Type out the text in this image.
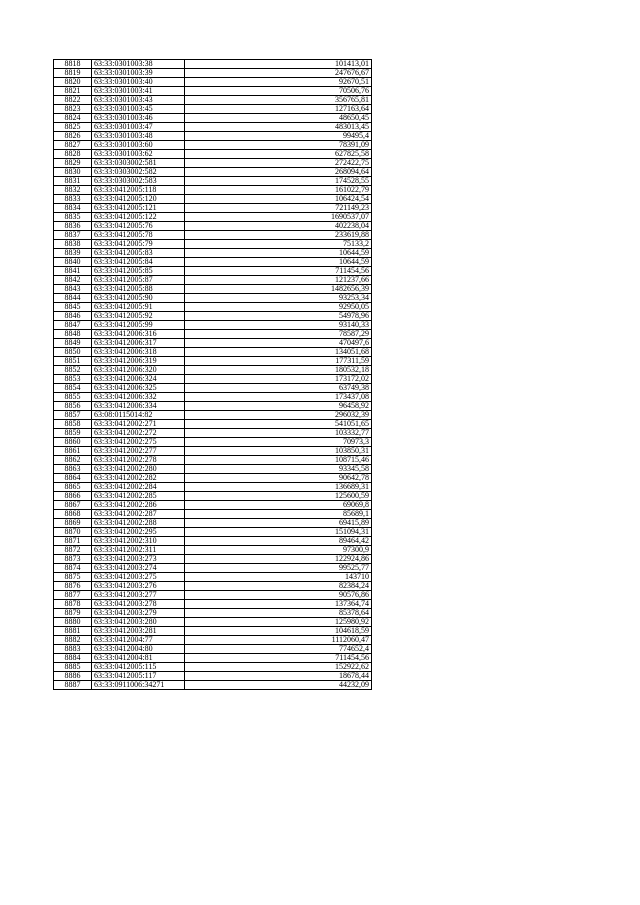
8818	63:33:0301003:38	101413,01
8819	63:33:0301003:39	247676,67
8820	63:33:0301003:40	92670,51
8821	63:33:0301003:41	70506,76
8822	63:33:0301003:43	356765,81
8823	63:33:0301003:45	127163,64
8824	63:33:0301003:46	48650,45
8825	63:33:0301003:47	483013,45
8826	63:33:0301003:48	99495,4
8827	63:33:0301003:60	78391,09
8828	63:33:0301003:62	627825,58
8829	63:33:0303002:581	272422,75
8830	63:33:0303002:582	268094,64
8831	63:33:0303002:583	174528,55
8832	63:33:0412005:118	161022,79
8833	63:33:0412005:120	106424,54
8834	63:33:0412005:121	721149,23
8835	63:33:0412005:122	1690537,07
8836	63:33:0412005:76	402238,04
8837	63:33:0412005:78	233619,88
8838	63:33:0412005:79	75133,2
8839	63:33:0412005:83	10644,59
8840	63:33:0412005:84	10644,59
8841	63:33:0412005:85	711454,56
8842	63:33:0412005:87	121237,66
8843	63:33:0412005:88	1482656,39
8844	63:33:0412005:90	93253,34
8845	63:33:0412005:91	92950,05
8846	63:33:0412005:92	54978,96
8847	63:33:0412005:99	93140,33
8848	63:33:0412006:316	78587,29
8849	63:33:0412006:317	470497,6
8850	63:33:0412006:318	134051,68
8851	63:33:0412006:319	177311,59
8852	63:33:0412006:320	180532,18
8853	63:33:0412006:324	173172,02
8854	63:33:0412006:325	63749,38
8855	63:33:0412006:332	173437,08
8856	63:33:0412006:334	96458,92
8857	63:08:0115014:82	296032,39
8858	63:33:0412002:271	541051,65
8859	63:33:0412002:272	103332,77
8860	63:33:0412002:275	70973,3
8861	63:33:0412002:277	103850,31
8862	63:33:0412002:278	108715,46
8863	63:33:0412002:280	93345,58
8864	63:33:0412002:282	90642,78
8865	63:33:0412002:284	136689,31
8866	63:33:0412002:285	125600,59
8867	63:33:0412002:286	69069,8
8868	63:33:0412002:287	85689,1
8869	63:33:0412002:288	69415,89
8870	63:33:0412002:295	151094,31
8871	63:33:0412002:310	89464,42
8872	63:33:0412002:311	97300,9
8873	63:33:0412003:273	122924,86
8874	63:33:0412003:274	99525,77
8875	63:33:0412003:275	143710
8876	63:33:0412003:276	82384,24
8877	63:33:0412003:277	90576,86
8878	63:33:0412003:278	137364,74
8879	63:33:0412003:279	85378,64
8880	63:33:0412003:280	125980,92
8881	63:33:0412003:281	104618,59
8882	63:33:0412004:77	1112060,47
8883	63:33:0412004:80	774652,4
8884	63:33:0412004:81	711454,56
8885	63:33:0412005:115	152922,62
8886	63:33:0412005:117	18678,44
8887	63:33:0911006:34271	44232,09
